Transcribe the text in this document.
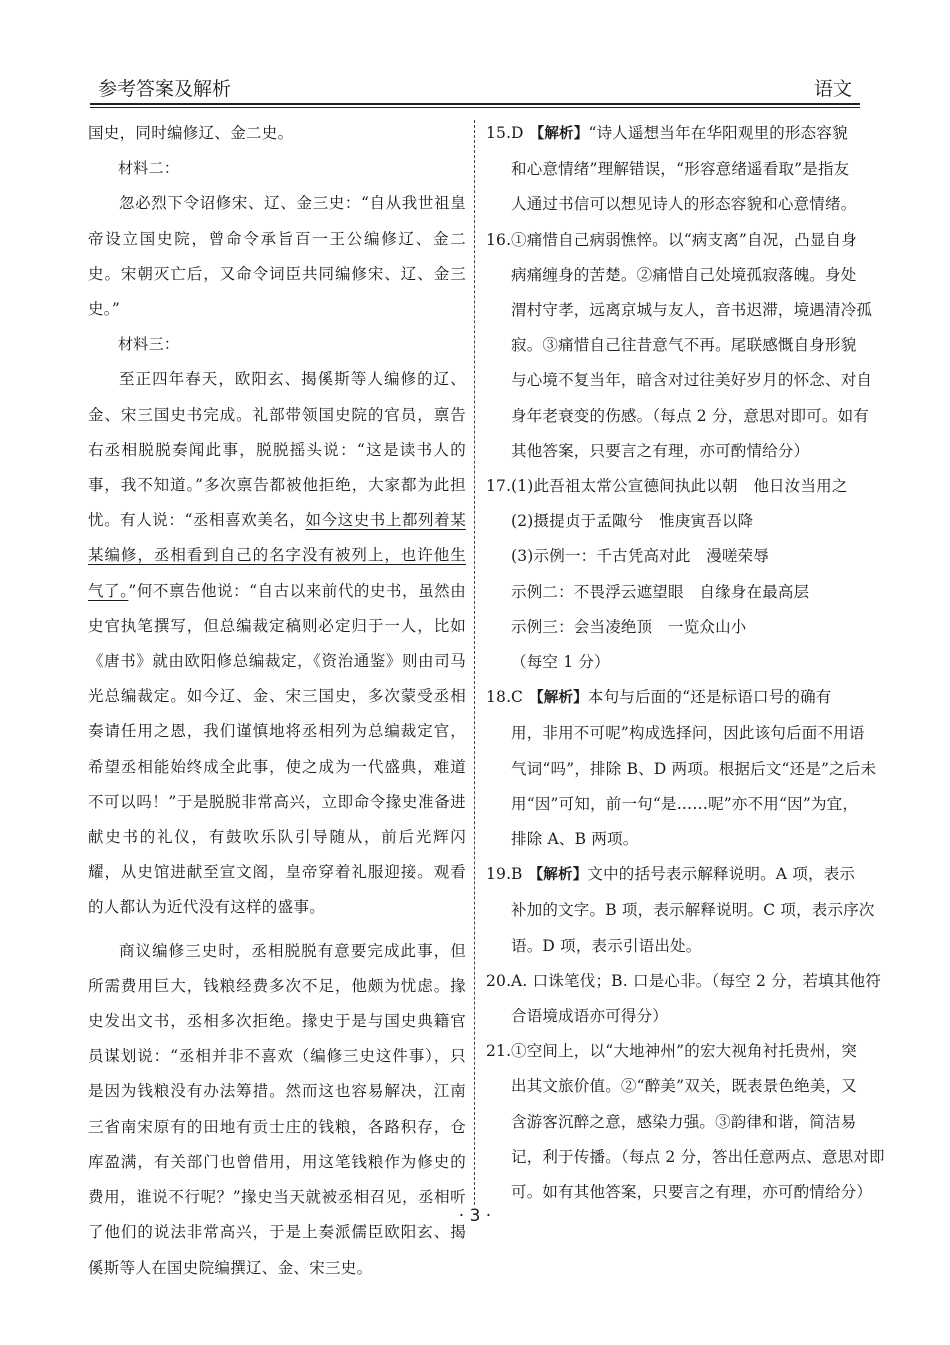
参考答案及解析	语文

国史，同时编修辽、金二史。

材料二：

忽必烈下令诏修宋、辽、金三史：“自从我世祖皇帝设立国史院，曾命令承旨百一王公编修辽、金二史。宋朝灭亡后，又命令词臣共同编修宋、辽、金三史。”

材料三：

至正四年春天，欧阳玄、揭傒斯等人编修的辽、金、宋三国史书完成。礼部带领国史院的官员，禀告右丞相脱脱奏闻此事，脱脱摇头说：“这是读书人的事，我不知道。”多次禀告都被他拒绝，大家都为此担忧。有人说：“丞相喜欢美名，如今这史书上都列着某某编修，丞相看到自己的名字没有被列上，也许他生气了。”何不禀告他说：“自古以来前代的史书，虽然由史官执笔撰写，但总编裁定稿则必定归于一人，比如《唐书》就由欧阳修总编裁定，《资治通鉴》则由司马光总编裁定。如今辽、金、宋三国史，多次蒙受丞相奏请任用之恩，我们谨慎地将丞相列为总编裁定官，希望丞相能始终成全此事，使之成为一代盛典，难道不可以吗！”于是脱脱非常高兴，立即命令掾史准备进献史书的礼仪，有鼓吹乐队引导随从，前后光辉闪耀，从史馆进献至宣文阁，皇帝穿着礼服迎接。观看的人都认为近代没有这样的盛事。

商议编修三史时，丞相脱脱有意要完成此事，但所需费用巨大，钱粮经费多次不足，他颇为忧虑。掾史发出文书，丞相多次拒绝。掾史于是与国史典籍官员谋划说：“丞相并非不喜欢（编修三史这件事），只是因为钱粮没有办法筹措。然而这也容易解决，江南三省南宋原有的田地有贡士庄的钱粮，各路积存，仓库盈满，有关部门也曾借用，用这笔钱粮作为修史的费用，谁说不行呢？”掾史当天就被丞相召见，丞相听了他们的说法非常高兴，于是上奏派儒臣欧阳玄、揭傒斯等人在国史院编撰辽、金、宋三史。

15. D 【解析】“诗人遥想当年在华阳观里的形态容貌
和心意情绪”理解错误，“形容意绪遥看取”是指友
人通过书信可以想见诗人的形态容貌和心意情绪。
16. ①痛惜自己病弱憔悴。以“病支离”自况，凸显自身
病痛缠身的苦楚。②痛惜自己处境孤寂落魄。身处
渭村守孝，远离京城与友人，音书迟滞，境遇清冷孤
寂。③痛惜自己往昔意气不再。尾联感慨自身形貌
与心境不复当年，暗含对过往美好岁月的怀念、对自
身年老衰变的伤感。（每点 2 分，意思对即可。如有
其他答案，只要言之有理，亦可酌情给分）
17. (1)此吾祖太常公宣德间执此以朝　他日汝当用之
(2)摄提贞于孟陬兮　惟庚寅吾以降
(3)示例一：千古凭高对此　漫嗟荣辱
示例二：不畏浮云遮望眼　自缘身在最高层
示例三：会当凌绝顶　一览众山小
（每空 1 分）
18. C 【解析】本句与后面的“还是标语口号的确有
用，非用不可呢”构成选择问，因此该句后面不用语
气词“吗”，排除 B、D 两项。根据后文“还是”之后未
用“因”可知，前一句“是……呢”亦不用“因”为宜，
排除 A、B 两项。
19. B 【解析】文中的括号表示解释说明。A 项，表示
补加的文字。B 项，表示解释说明。C 项，表示序次
语。D 项，表示引语出处。
20. A. 口诛笔伐；B. 口是心非。（每空 2 分，若填其他符
合语境成语亦可得分）
21. ①空间上，以“大地神州”的宏大视角衬托贵州，突
出其文旅价值。②“醉美”双关，既表景色绝美，又
含游客沉醉之意，感染力强。③韵律和谐，简洁易
记，利于传播。（每点 2 分，答出任意两点、意思对即
可。如有其他答案，只要言之有理，亦可酌情给分）
· 3 ·
